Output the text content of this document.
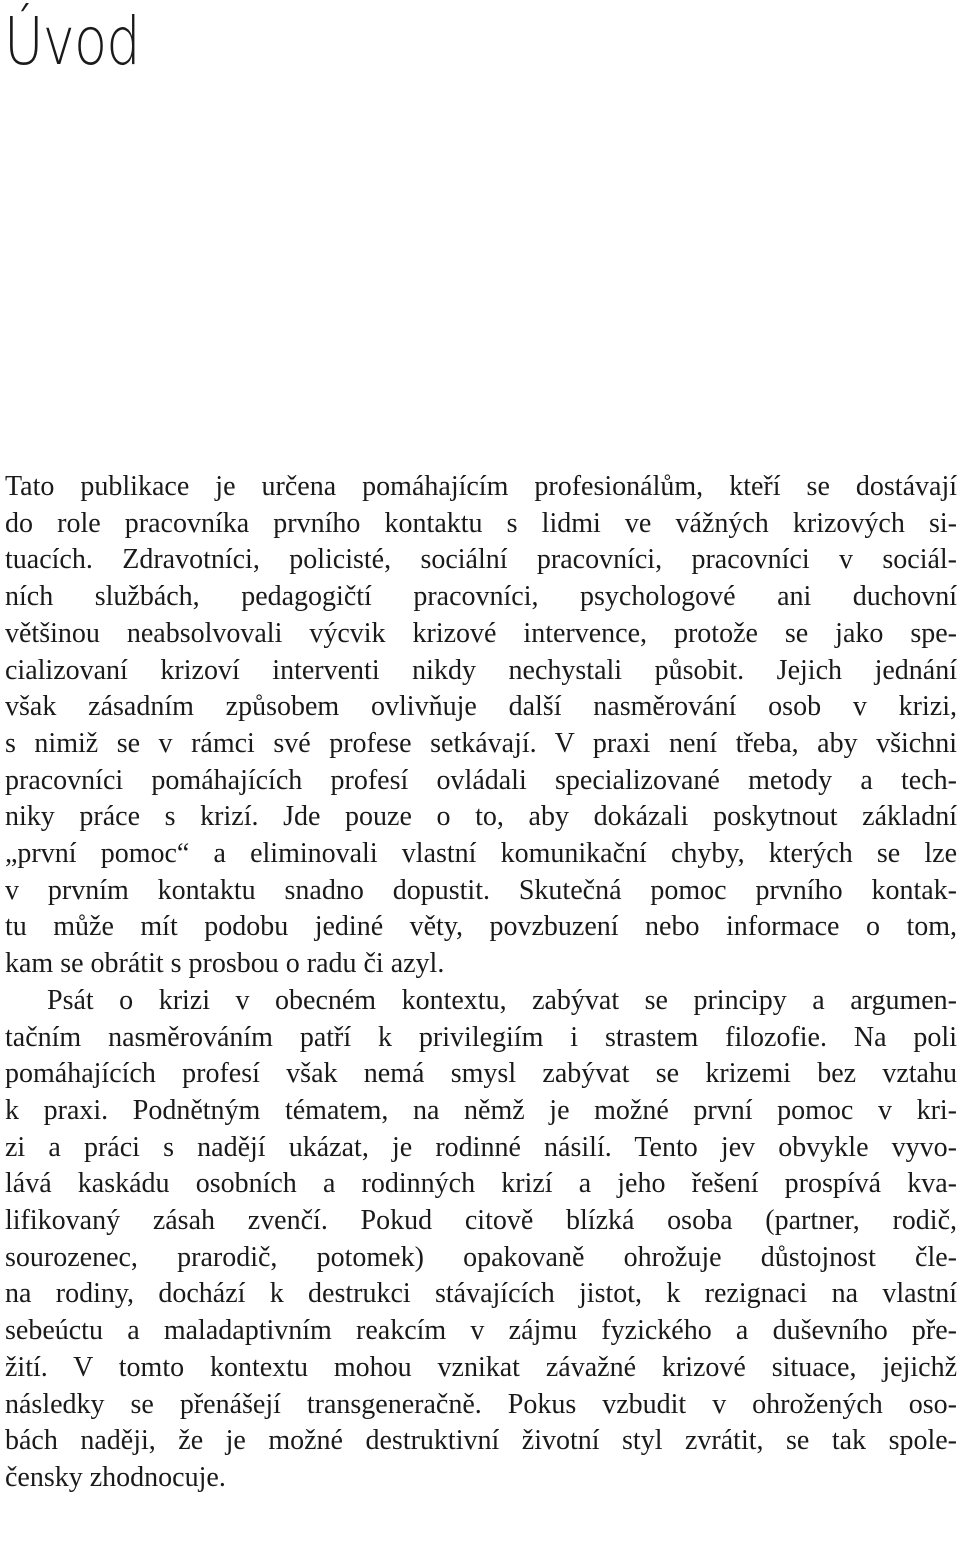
Úvod

Tato publikace je určena pomáhajícím profesionálům, kteří se dostávají
do role pracovníka prvního kontaktu s lidmi ve vážných krizových si-
tuacích. Zdravotníci, policisté, sociální pracovníci, pracovníci v sociál-
ních službách, pedagogičtí pracovníci, psychologové ani duchovní
většinou neabsolvovali výcvik krizové intervence, protože se jako spe-
cializovaní krizoví interventi nikdy nechystali působit. Jejich jednání
však zásadním způsobem ovlivňuje další nasměrování osob v krizi,
s nimiž se v rámci své profese setkávají. V praxi není třeba, aby všichni
pracovníci pomáhajících profesí ovládali specializované metody a tech-
niky práce s krizí. Jde pouze o to, aby dokázali poskytnout základní
„první pomoc“ a eliminovali vlastní komunikační chyby, kterých se lze
v prvním kontaktu snadno dopustit. Skutečná pomoc prvního kontak-
tu může mít podobu jediné věty, povzbuzení nebo informace o tom,
kam se obrátit s prosbou o radu či azyl.

Psát o krizi v obecném kontextu, zabývat se principy a argumen-
tačním nasměrováním patří k privilegiím i strastem filozofie. Na poli
pomáhajících profesí však nemá smysl zabývat se krizemi bez vztahu
k praxi. Podnětným tématem, na němž je možné první pomoc v kri-
zi a práci s nadějí ukázat, je rodinné násilí. Tento jev obvykle vyvo-
lává kaskádu osobních a rodinných krizí a jeho řešení prospívá kva-
lifikovaný zásah zvenčí. Pokud citově blízká osoba (partner, rodič,
sourozenec, prarodič, potomek) opakovaně ohrožuje důstojnost čle-
na rodiny, dochází k destrukci stávajících jistot, k rezignaci na vlastní
sebeúctu a maladaptivním reakcím v zájmu fyzického a duševního pře-
žití. V tomto kontextu mohou vznikat závažné krizové situace, jejichž
následky se přenášejí transgeneračně. Pokus vzbudit v ohrožených oso-
bách naději, že je možné destruktivní životní styl zvrátit, se tak spole-
čensky zhodnocuje.
